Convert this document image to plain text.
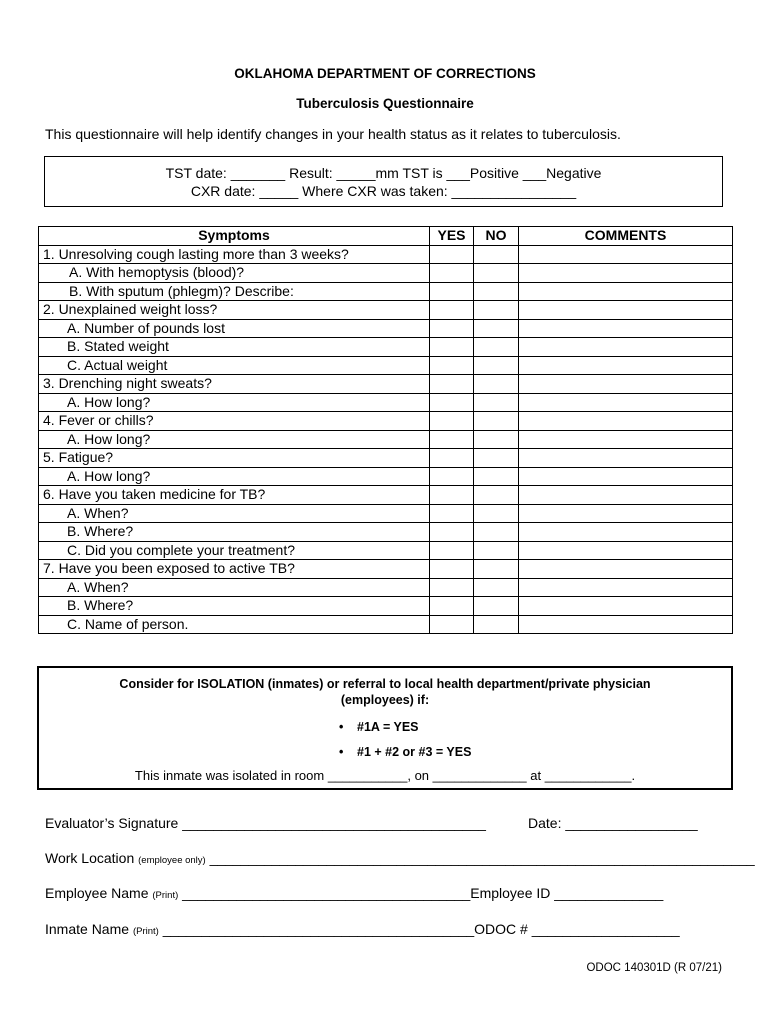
OKLAHOMA DEPARTMENT OF CORRECTIONS
Tuberculosis Questionnaire
This questionnaire will help identify changes in your health status as it relates to tuberculosis.
TST date: _______ Result: _____mm TST is ___Positive ___Negative
CXR date: _____ Where CXR was taken: ________________
Symptoms	YES	NO	COMMENTS
1. Unresolving cough lasting more than 3 weeks?			
A. With hemoptysis (blood)?			
B. With sputum (phlegm)? Describe:			
2. Unexplained weight loss?			
A. Number of pounds lost			
B. Stated weight			
C. Actual weight			
3. Drenching night sweats?			
A. How long?			
4. Fever or chills?			
A. How long?			
5. Fatigue?			
A. How long?			
6. Have you taken medicine for TB?			
A. When?			
B. Where?			
C. Did you complete your treatment?			
7. Have you been exposed to active TB?			
A. When?			
B. Where?			
C. Name of person.			
Consider for ISOLATION (inmates) or referral to local health department/private physician
(employees) if:
• #1A = YES
• #1 + #2 or #3 = YES
This inmate was isolated in room ___________, on _____________ at ____________.
Evaluator’s Signature _______________________________________	Date: _________________
Work Location (employee only) ______________________________________________________________________
Employee Name (Print) _____________________________________Employee ID ______________
Inmate Name (Print) ________________________________________ODOC # ___________________
ODOC 140301D (R 07/21)
